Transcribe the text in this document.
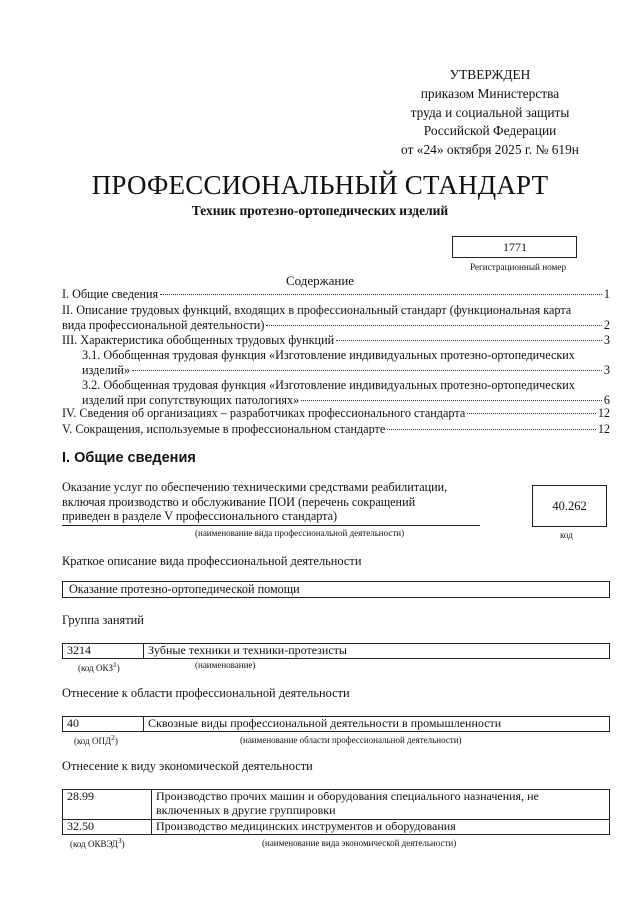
УТВЕРЖДЕН
приказом Министерства
труда и социальной защиты
Российской Федерации
от «24» октября 2025 г. № 619н
ПРОФЕССИОНАЛЬНЫЙ СТАНДАРТ
Техник протезно-ортопедических изделий
1771
Регистрационный номер
Содержание
I. Общие сведения	1
II. Описание трудовых функций, входящих в профессиональный стандарт (функциональная карта
вида профессиональной деятельности)	2
III. Характеристика обобщенных трудовых функций	3
3.1. Обобщенная трудовая функция «Изготовление индивидуальных протезно-ортопедических
изделий»	3
3.2. Обобщенная трудовая функция «Изготовление индивидуальных протезно-ортопедических
изделий при сопутствующих патологиях»	6
IV. Сведения об организациях – разработчиках профессионального стандарта	12
V. Сокращения, используемые в профессиональном стандарте	12
I. Общие сведения
Оказание услуг по обеспечению техническими средствами реабилитации,
включая производство и обслуживание ПОИ (перечень сокращений
приведен в разделе V профессионального стандарта)
(наименование вида профессиональной деятельности)
40.262
код
Краткое описание вида профессиональной деятельности
Оказание протезно-ортопедической помощи
Группа занятий
3214	Зубные техники и техники-протезисты
(код ОКЗ$^1$)	(наименование)
Отнесение к области профессиональной деятельности
40	Сквозные виды профессиональной деятельности в промышленности
(код ОПД$^2$)	(наименование области профессиональной деятельности)
Отнесение к виду экономической деятельности
28.99	Производство прочих машин и оборудования специального назначения, не
включенных в другие группировки

32.50	Производство медицинских инструментов и оборудования
(код ОКВЭД$^3$)	(наименование вида экономической деятельности)
